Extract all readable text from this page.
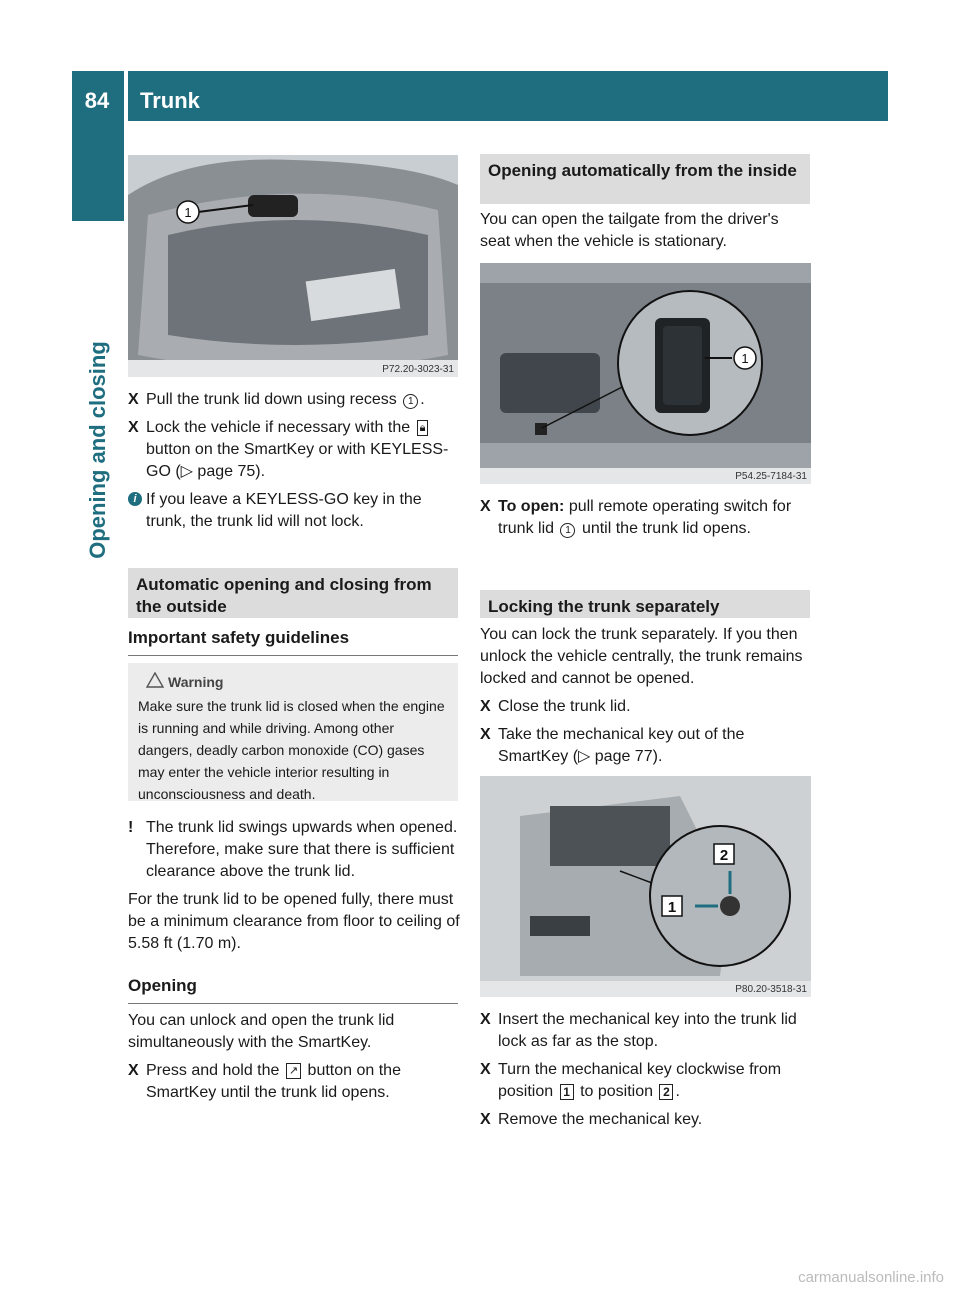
84	Trunk
Opening and closing
1
P72.20-3023-31
X Pull the trunk lid down using recess 1 .
X Lock the vehicle if necessary with the 🔒︎ button on the SmartKey or with KEYLESS-GO (▷ page 75).
i If you leave a KEYLESS-GO key in the trunk, the trunk lid will not lock.
Automatic opening and closing from the outside
Important safety guidelines
Warning

Make sure the trunk lid is closed when the engine is running and while driving. Among other dangers, deadly carbon monoxide (CO) gases may enter the vehicle interior resulting in unconsciousness and death.

! The trunk lid swings upwards when opened. Therefore, make sure that there is sufficient clearance above the trunk lid.

For the trunk lid to be opened fully, there must be a minimum clearance from floor to ceiling of 5.58 ft (1.70 m).

Opening

You can unlock and open the trunk lid simultaneously with the SmartKey.

X Press and hold the ↗ button on the SmartKey until the trunk lid opens.
Opening automatically from the inside
You can open the tailgate from the driver's seat when the vehicle is stationary.
1
P54.25-7184-31
X To open: pull remote operating switch for trunk lid 1 until the trunk lid opens.
Locking the trunk separately

You can lock the trunk separately. If you then unlock the vehicle centrally, the trunk remains locked and cannot be opened.

X Close the trunk lid.
X Take the mechanical key out of the SmartKey (▷ page 77).
2
1
P80.20-3518-31
X Insert the mechanical key into the trunk lid lock as far as the stop.
X Turn the mechanical key clockwise from position 1 to position 2 .
X Remove the mechanical key.
carmanualsonline.info
